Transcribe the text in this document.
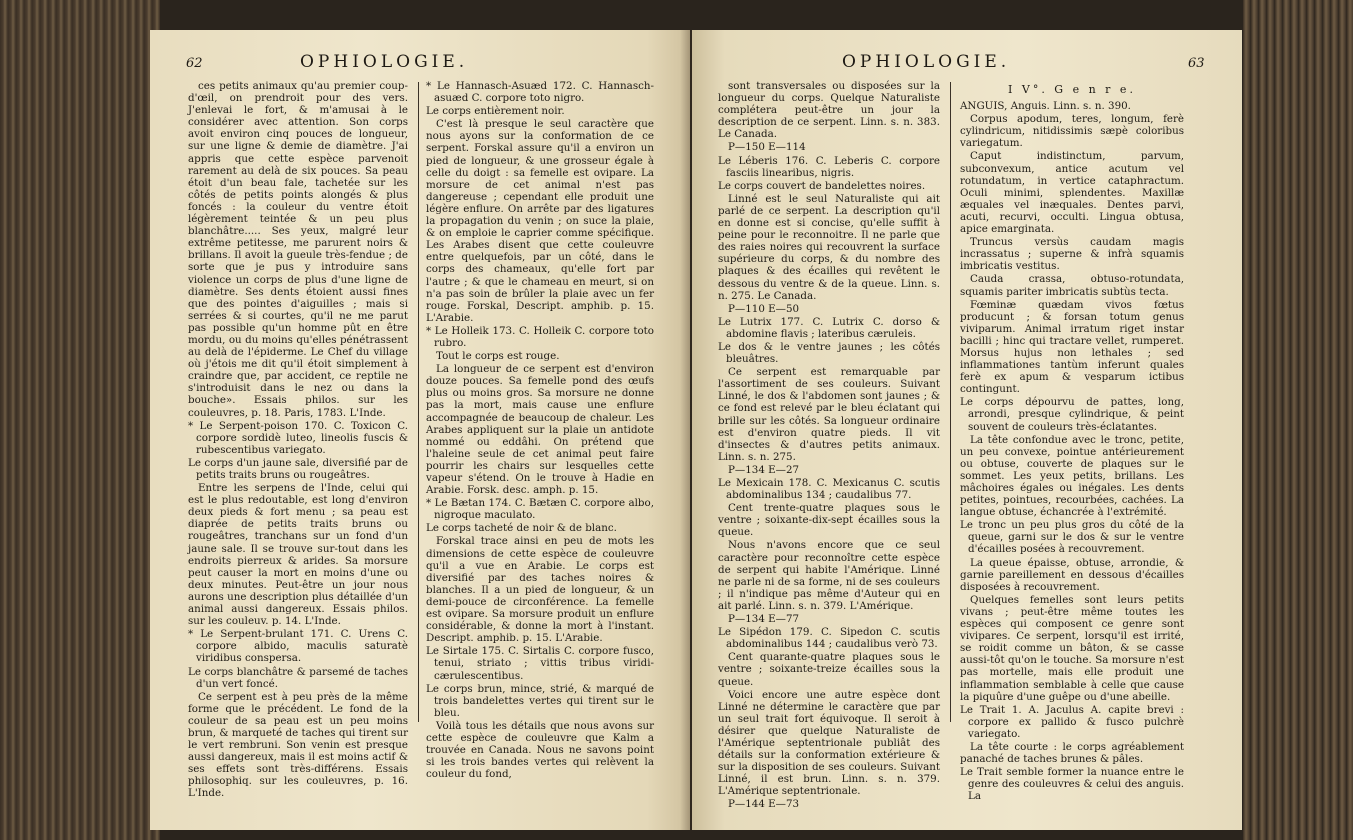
62	OPHIOLOGIE.

ces petits animaux qu'au premier coup-d'œil, on prendroit pour des vers. J'enlevai le fort, & m'amusai à le considérer avec attention. Son corps avoit environ cinq pouces de longueur, sur une ligne & demie de diamètre. J'ai appris que cette espèce parvenoit rarement au delà de six pouces. Sa peau étoit d'un beau fale, tachetée sur les côtés de petits points alongés & plus foncés : la couleur du ventre étoit légèrement teintée & un peu plus blanchâtre..... Ses yeux, malgré leur extrême petitesse, me parurent noirs & brillans. Il avoit la gueule très-fendue ; de sorte que je pus y introduire sans violence un corps de plus d'une ligne de diamètre. Ses dents étoient aussi fines que des pointes d'aiguilles ; mais si serrées & si courtes, qu'il ne me parut pas possible qu'un homme pût en être mordu, ou du moins qu'elles pénétrassent au delà de l'épiderme. Le Chef du village où j'étois me dit qu'il étoit simplement à craindre que, par accident, ce reptile ne s'introduisit dans le nez ou dans la bouche». Essais philos. sur les couleuvres, p. 18. Paris, 1783. L'Inde.

* Le Serpent-poison 170. C. Toxicon C. corpore sordidè luteo, lineolis fuscis & rubescentibus variegato.

Le corps d'un jaune sale, diversifié par de petits traits bruns ou rougeâtres.

Entre les serpens de l'Inde, celui qui est le plus redoutable, est long d'environ deux pieds & fort menu ; sa peau est diaprée de petits traits bruns ou rougeâtres, tranchans sur un fond d'un jaune sale. Il se trouve sur-tout dans les endroits pierreux & arides. Sa morsure peut causer la mort en moins d'une ou deux minutes. Peut-être un jour nous aurons une description plus détaillée d'un animal aussi dangereux. Essais philos. sur les couleuv. p. 14. L'Inde.

* Le Serpent-brulant 171. C. Urens C. corpore albido, maculis saturatè viridibus conspersa.

Le corps blanchâtre & parsemé de taches d'un vert foncé.

Ce serpent est à peu près de la même forme que le précédent. Le fond de la couleur de sa peau est un peu moins brun, & marqueté de taches qui tirent sur le vert rembruni. Son venin est presque aussi dangereux, mais il est moins actif & ses effets sont très-différens. Essais philosophiq. sur les couleuvres, p. 16. L'Inde.

* Le Hannasch-Asuæd 172. C. Hannasch-asuæd C. corpore toto nigro.

Le corps entièrement noir.

C'est là presque le seul caractère que nous ayons sur la conformation de ce serpent. Forskal assure qu'il a environ un pied de longueur, & une grosseur égale à celle du doigt : sa femelle est ovipare. La morsure de cet animal n'est pas dangereuse ; cependant elle produit une légère enflure. On arrête par des ligatures la propagation du venin ; on suce la plaie, & on emploie le caprier comme spécifique. Les Arabes disent que cette couleuvre entre quelquefois, par un côté, dans le corps des chameaux, qu'elle fort par l'autre ; & que le chameau en meurt, si on n'a pas soin de brûler la plaie avec un fer rouge. Forskal, Descript. amphib. p. 15. L'Arabie.

* Le Holleik 173. C. Holleik C. corpore toto rubro.

Tout le corps est rouge.

La longueur de ce serpent est d'environ douze pouces. Sa femelle pond des œufs plus ou moins gros. Sa morsure ne donne pas la mort, mais cause une enflure accompagnée de beaucoup de chaleur. Les Arabes appliquent sur la plaie un antidote nommé ou eddâhi. On prétend que l'haleine seule de cet animal peut faire pourrir les chairs sur lesquelles cette vapeur s'étend. On le trouve à Hadie en Arabie. Forsk. desc. amph. p. 15.

* Le Bætan 174. C. Bætæn C. corpore albo, nigroque maculato.

Le corps tacheté de noir & de blanc.

Forskal trace ainsi en peu de mots les dimensions de cette espèce de couleuvre qu'il a vue en Arabie. Le corps est diversifié par des taches noires & blanches. Il a un pied de longueur, & un demi-pouce de circonférence. La femelle est ovipare. Sa morsure produit un enflure considérable, & donne la mort à l'instant. Descript. amphib. p. 15. L'Arabie.

Le Sirtale 175. C. Sirtalis C. corpore fusco, tenui, striato ; vittis tribus viridi-cærulescentibus.

Le corps brun, mince, strié, & marqué de trois bandelettes vertes qui tirent sur le bleu.

Voilà tous les détails que nous avons sur cette espèce de couleuvre que Kalm a trouvée en Canada. Nous ne savons point si les trois bandes vertes qui relèvent la couleur du fond,

OPHIOLOGIE.	63

sont transversales ou disposées sur la longueur du corps. Quelque Naturaliste complétera peut-être un jour la description de ce serpent. Linn. s. n. 383. Le Canada.

P—150 E—114

Le Léberis 176. C. Leberis C. corpore fasciis linearibus, nigris.

Le corps couvert de bandelettes noires.

Linné est le seul Naturaliste qui ait parlé de ce serpent. La description qu'il en donne est si concise, qu'elle suffit à peine pour le reconnoitre. Il ne parle que des raies noires qui recouvrent la surface supérieure du corps, & du nombre des plaques & des écailles qui revêtent le dessous du ventre & de la queue. Linn. s. n. 275. Le Canada.

P—110 E—50

Le Lutrix 177. C. Lutrix C. dorso & abdomine flavis ; lateribus cæruleis.

Le dos & le ventre jaunes ; les côtés bleuâtres.

Ce serpent est remarquable par l'assortiment de ses couleurs. Suivant Linné, le dos & l'abdomen sont jaunes ; & ce fond est relevé par le bleu éclatant qui brille sur les côtés. Sa longueur ordinaire est d'environ quatre pieds. Il vit d'insectes & d'autres petits animaux. Linn. s. n. 275.

P—134 E—27

Le Mexicain 178. C. Mexicanus C. scutis abdominalibus 134 ; caudalibus 77.

Cent trente-quatre plaques sous le ventre ; soixante-dix-sept écailles sous la queue.

Nous n'avons encore que ce seul caractère pour reconnoître cette espèce de serpent qui habite l'Amérique. Linné ne parle ni de sa forme, ni de ses couleurs ; il n'indique pas même d'Auteur qui en ait parlé. Linn. s. n. 379. L'Amérique.

P—134 E—77

Le Sipédon 179. C. Sipedon C. scutis abdominalibus 144 ; caudalibus verò 73.

Cent quarante-quatre plaques sous le ventre ; soixante-treize écailles sous la queue.

Voici encore une autre espèce dont Linné ne détermine le caractère que par un seul trait fort équivoque. Il seroit à désirer que quelque Naturaliste de l'Amérique septentrionale publiât des détails sur la conformation extérieure & sur la disposition de ses couleurs. Suivant Linné, il est brun. Linn. s. n. 379. L'Amérique septentrionale.

P—144 E—73

I V°. G e n r e.

ANGUIS, Anguis. Linn. s. n. 390.

Corpus apodum, teres, longum, ferè cylindricum, nitidissimis sæpè coloribus variegatum.

Caput indistinctum, parvum, subconvexum, antice acutum vel rotundatum, in vertice cataphractum. Oculi minimi, splendentes. Maxillæ æquales vel inæquales. Dentes parvi, acuti, recurvi, occulti. Lingua obtusa, apice emarginata.

Truncus versùs caudam magis incrassatus ; superne & infrà squamis imbricatis vestitus.

Cauda crassa, obtuso-rotundata, squamis pariter imbricatis subtùs tecta.

Fœminæ quædam vivos fœtus producunt ; & forsan totum genus viviparum. Animal irratum riget instar bacilli ; hinc qui tractare vellet, rumperet. Morsus hujus non lethales ; sed inflammationes tantùm inferunt quales ferè ex apum & vesparum ictibus contingunt.

Le corps dépourvu de pattes, long, arrondi, presque cylindrique, & peint souvent de couleurs très-éclatantes.

La tête confondue avec le tronc, petite, un peu convexe, pointue antérieurement ou obtuse, couverte de plaques sur le sommet. Les yeux petits, brillans. Les mâchoires égales ou inégales. Les dents petites, pointues, recourbées, cachées. La langue obtuse, échancrée à l'extrémité.

Le tronc un peu plus gros du côté de la queue, garni sur le dos & sur le ventre d'écailles posées à recouvrement.

La queue épaisse, obtuse, arrondie, & garnie pareillement en dessous d'écailles disposées à recouvrement.

Quelques femelles sont leurs petits vivans ; peut-être même toutes les espèces qui composent ce genre sont vivipares. Ce serpent, lorsqu'il est irrité, se roidit comme un bâton, & se casse aussi-tôt qu'on le touche. Sa morsure n'est pas mortelle, mais elle produit une inflammation semblable à celle que cause la piquûre d'une guêpe ou d'une abeille.

Le Trait 1. A. Jaculus A. capite brevi : corpore ex pallido & fusco pulchrè variegato.

La tête courte : le corps agréablement panaché de taches brunes & pâles.

Le Trait semble former la nuance entre le genre des couleuvres & celui des anguis. La
